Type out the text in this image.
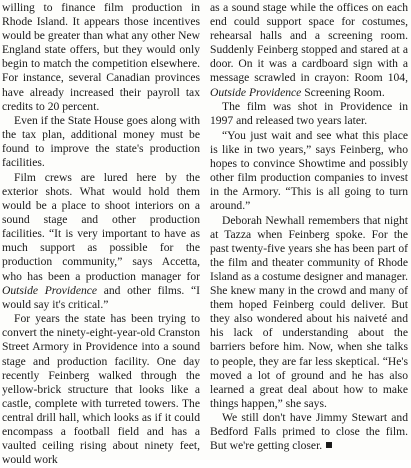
willing to finance film production in Rhode Island. It appears those incentives would be greater than what any other New England state offers, but they would only begin to match the competition elsewhere. For instance, several Canadian provinces have already increased their payroll tax credits to 20 percent.

Even if the State House goes along with the tax plan, additional money must be found to improve the state's production facilities.

Film crews are lured here by the exterior shots. What would hold them would be a place to shoot interiors on a sound stage and other production facilities. “It is very important to have as much support as possible for the production community,” says Accetta, who has been a production manager for Outside Providence and other films. “I would say it's critical.”

For years the state has been trying to convert the ninety-eight-year-old Cranston Street Armory in Providence into a sound stage and production facility. One day recently Feinberg walked through the yellow-brick structure that looks like a castle, complete with turreted towers. The central drill hall, which looks as if it could encompass a football field and has a vaulted ceiling rising about ninety feet, would work

as a sound stage while the offices on each end could support space for costumes, rehearsal halls and a screening room. Suddenly Feinberg stopped and stared at a door. On it was a cardboard sign with a message scrawled in crayon: Room 104, Outside Providence Screening Room.

The film was shot in Providence in 1997 and released two years later.

“You just wait and see what this place is like in two years,” says Feinberg, who hopes to convince Showtime and possibly other film production companies to invest in the Armory. “This is all going to turn around.”

Deborah Newhall remembers that night at Tazza when Feinberg spoke. For the past twenty-five years she has been part of the film and theater community of Rhode Island as a costume designer and manager. She knew many in the crowd and many of them hoped Feinberg could deliver. But they also wondered about his naiveté and his lack of understanding about the barriers before him. Now, when she talks to people, they are far less skeptical. “He's moved a lot of ground and he has also learned a great deal about how to make things happen,” she says.

We still don't have Jimmy Stewart and Bedford Falls primed to close the film. But we're getting closer.
